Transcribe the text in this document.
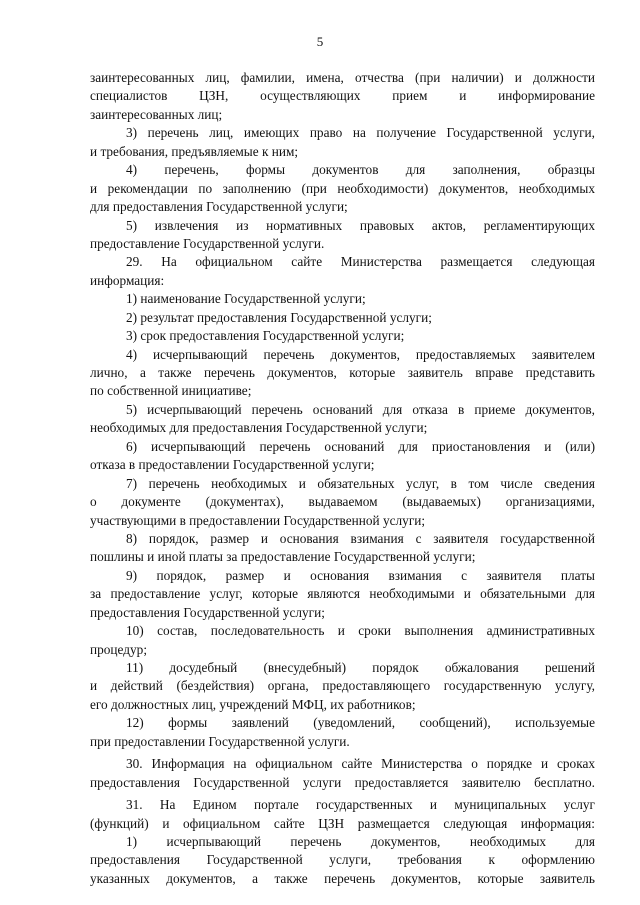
5
заинтересованных лиц, фамилии, имена, отчества (при наличии) и должности
специалистов ЦЗН, осуществляющих прием и информирование
заинтересованных лиц;
3) перечень лиц, имеющих право на получение Государственной услуги,
и требования, предъявляемые к ним;
4) перечень, формы документов для заполнения, образцы
и рекомендации по заполнению (при необходимости) документов, необходимых
для предоставления Государственной услуги;
5) извлечения из нормативных правовых актов, регламентирующих
предоставление Государственной услуги.
29. На официальном сайте Министерства размещается следующая
информация:
1) наименование Государственной услуги;
2) результат предоставления Государственной услуги;
3) срок предоставления Государственной услуги;
4) исчерпывающий перечень документов, предоставляемых заявителем
лично, а также перечень документов, которые заявитель вправе представить
по собственной инициативе;
5) исчерпывающий перечень оснований для отказа в приеме документов,
необходимых для предоставления Государственной услуги;
6) исчерпывающий перечень оснований для приостановления и (или)
отказа в предоставлении Государственной услуги;
7) перечень необходимых и обязательных услуг, в том числе сведения
о документе (документах), выдаваемом (выдаваемых) организациями,
участвующими в предоставлении Государственной услуги;
8) порядок, размер и основания взимания с заявителя государственной
пошлины и иной платы за предоставление Государственной услуги;
9) порядок, размер и основания взимания с заявителя платы
за предоставление услуг, которые являются необходимыми и обязательными для
предоставления Государственной услуги;
10) состав, последовательность и сроки выполнения административных
процедур;
11) досудебный (внесудебный) порядок обжалования решений
и действий (бездействия) органа, предоставляющего государственную услугу,
его должностных лиц, учреждений МФЦ, их работников;
12) формы заявлений (уведомлений, сообщений), используемые
при предоставлении Государственной услуги.
30. Информация на официальном сайте Министерства о порядке и сроках
предоставления Государственной услуги предоставляется заявителю бесплатно.
31. На Едином портале государственных и муниципальных услуг
(функций) и официальном сайте ЦЗН размещается следующая информация:
1) исчерпывающий перечень документов, необходимых для
предоставления Государственной услуги, требования к оформлению
указанных документов, а также перечень документов, которые заявитель
